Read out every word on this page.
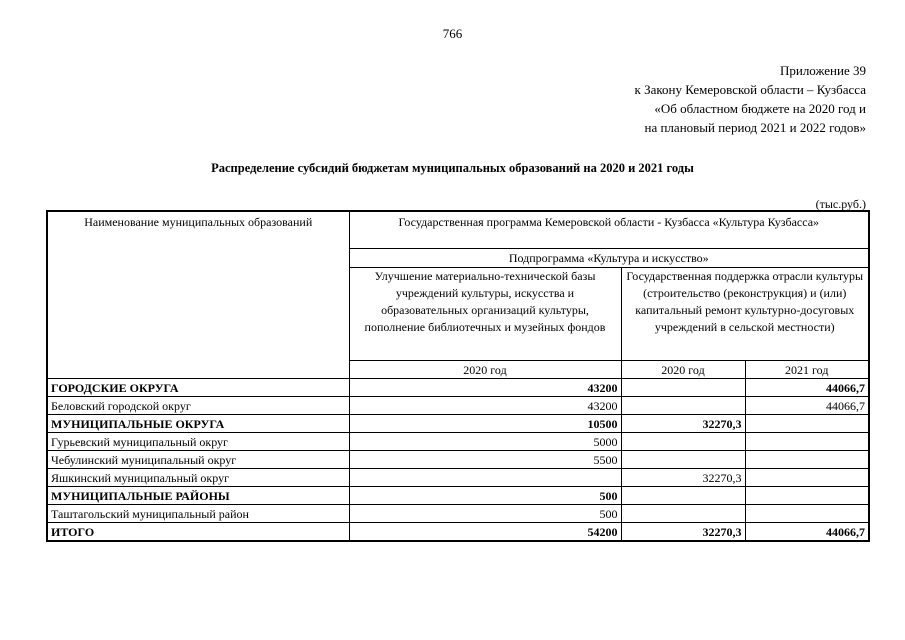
766
Приложение 39
к Закону Кемеровской области – Кузбасса
«Об областном бюджете на 2020 год и
на плановый период 2021 и 2022 годов»
Распределение субсидий бюджетам муниципальных образований на 2020 и 2021 годы
(тыс.руб.)
Наименование муниципальных образований	Государственная программа Кемеровской области - Кузбасса «Культура Кузбасса»		
	Подпрограмма «Культура и искусство»		
	Улучшение материально-технической базы учреждений культуры, искусства и образовательных организаций культуры, пополнение библиотечных и музейных фондов	Государственная поддержка отрасли культуры (строительство (реконструкция) и (или) капитальный ремонт культурно-досуговых учреждений в сельской местности)	
	2020 год	2020 год	2021 год
ГОРОДСКИЕ ОКРУГА	43200		44066,7
Беловский городской округ	43200		44066,7
МУНИЦИПАЛЬНЫЕ ОКРУГА	10500	32270,3	
Гурьевский муниципальный округ	5000		
Чебулинский муниципальный округ	5500		
Яшкинский муниципальный округ		32270,3	
МУНИЦИПАЛЬНЫЕ РАЙОНЫ	500		
Таштагольский муниципальный район	500		
ИТОГО	54200	32270,3	44066,7
